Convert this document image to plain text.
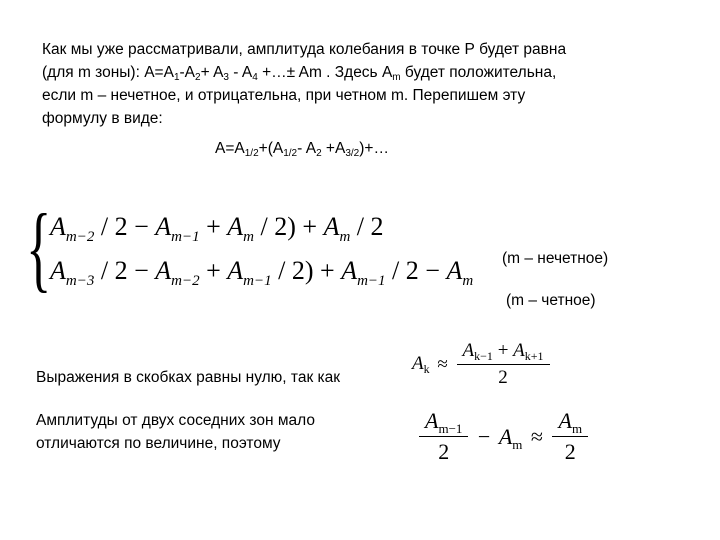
Как мы уже рассматривали, амплитуда колебания в точке Р будет равна
(для m зоны): $A=A_1-A_2+ A_3 - A_4$ +…± Am . Здесь $A_m$ будет положительна,
если m – нечетное, и отрицательна, при четном m. Перепишем эту
формулу в виде:
$A=A_{1/2}+(A_{1/2}-$ $A_2$ $+A_{3/2})+\dots$
{
$A_{m-2} / 2 - A_{m-1} + A_m / 2) + A_m / 2$
$A_{m-3} / 2 - A_{m-2} + A_{m-1} / 2) + A_{m-1} / 2 - A_m$
(m – нечетное)
(m – четное)
Выражения в скобках равны нулю, так как
$A_k \approx \frac{A_{k-1} + A_{k+1}}{2}$
Амплитуды от двух соседних зон мало отличаются по величине, поэтому	$\frac{A_{m-1}}{2} - A_m \approx \frac{A_m}{2}$
